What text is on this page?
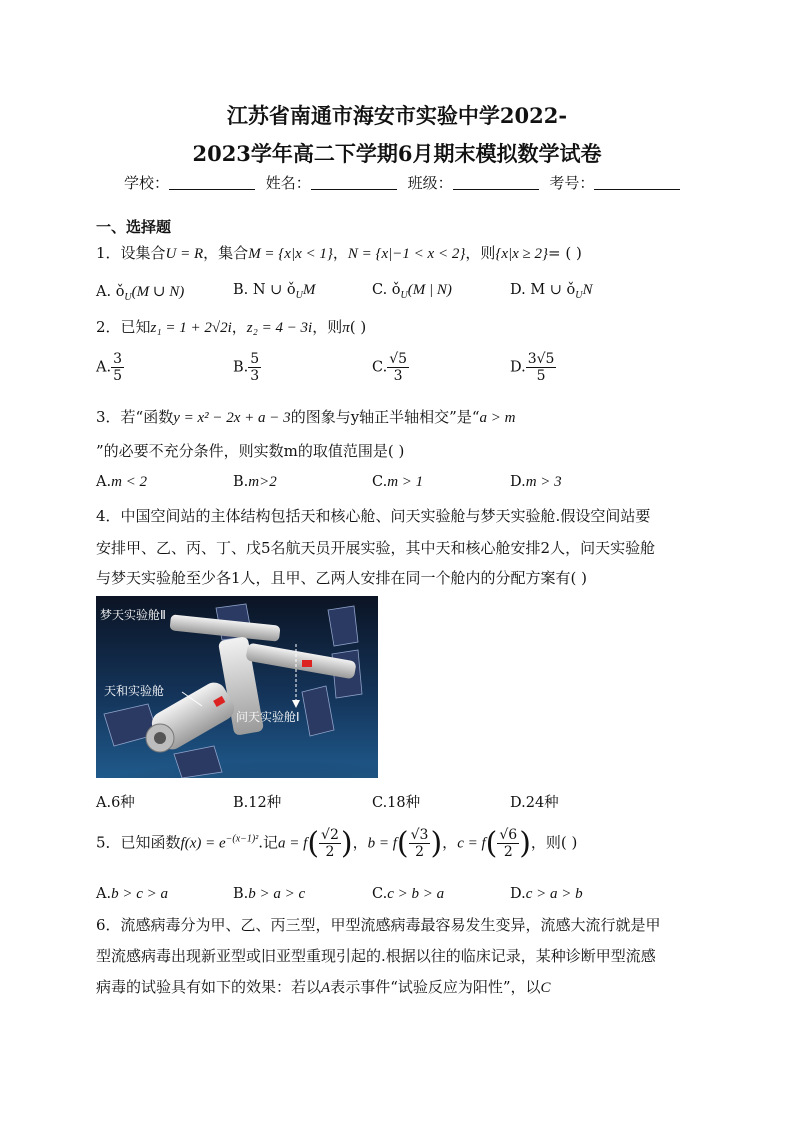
江苏省南通市海安市实验中学2022-
2023学年高二下学期6月期末模拟数学试卷
学校：	姓名：	班级：	考号：
一、选择题
1．设集合U = R，集合M = {x|x < 1}，N = {x|−1 < x < 2}，则{x|x ≥ 2}= ( )
A. $ǒ_U(M$ ∪ N)	B. N ∪ $ǒ_UM$	C. $ǒ_U(M$ | N)	D. M ∪ $ǒ_UN$
2．已知z₁ = 1 + 2√2i，z₂ = 4 − 3i，则π( )
A. $\frac{3}{5}$	B. $\frac{5}{3}$	C. $\frac{√5}{3}$	D. $\frac{3√5}{5}$
3．若“函数y = x² − 2x + a − 3的图象与y轴正半轴相交”是“a > m
”的必要不充分条件，则实数m的取值范围是( )
A.m < 2	B.m>2	C.m > 1	D.m > 3
4．中国空间站的主体结构包括天和核心舱、问天实验舱与梦天实验舱.假设空间站要
安排甲、乙、丙、丁、戊5名航天员开展实验，其中天和核心舱安排2人，问天实验舱
与梦天实验舱至少各1人，且甲、乙两人安排在同一个舱内的分配方案有( )
梦天实验舱Ⅱ
天和实验舱
问天实验舱Ⅰ
A.6种	B.12种	C.18种	D.24种
5．已知函数$f(x) = e^{-(x-1)^2}$.记$a = f( \frac{√2}{2}$ )，$b = f( \frac{√3}{2}$ )，$c = f( \frac{√6}{2}$ )，则( )
A.b > c > a	B.b > a > c	C.c > b > a	D.c > a > b
6．流感病毒分为甲、乙、丙三型，甲型流感病毒最容易发生变异，流感大流行就是甲
型流感病毒出现新亚型或旧亚型重现引起的.根据以往的临床记录，某种诊断甲型流感
病毒的试验具有如下的效果：若以A表示事件“试验反应为阳性”，以C
